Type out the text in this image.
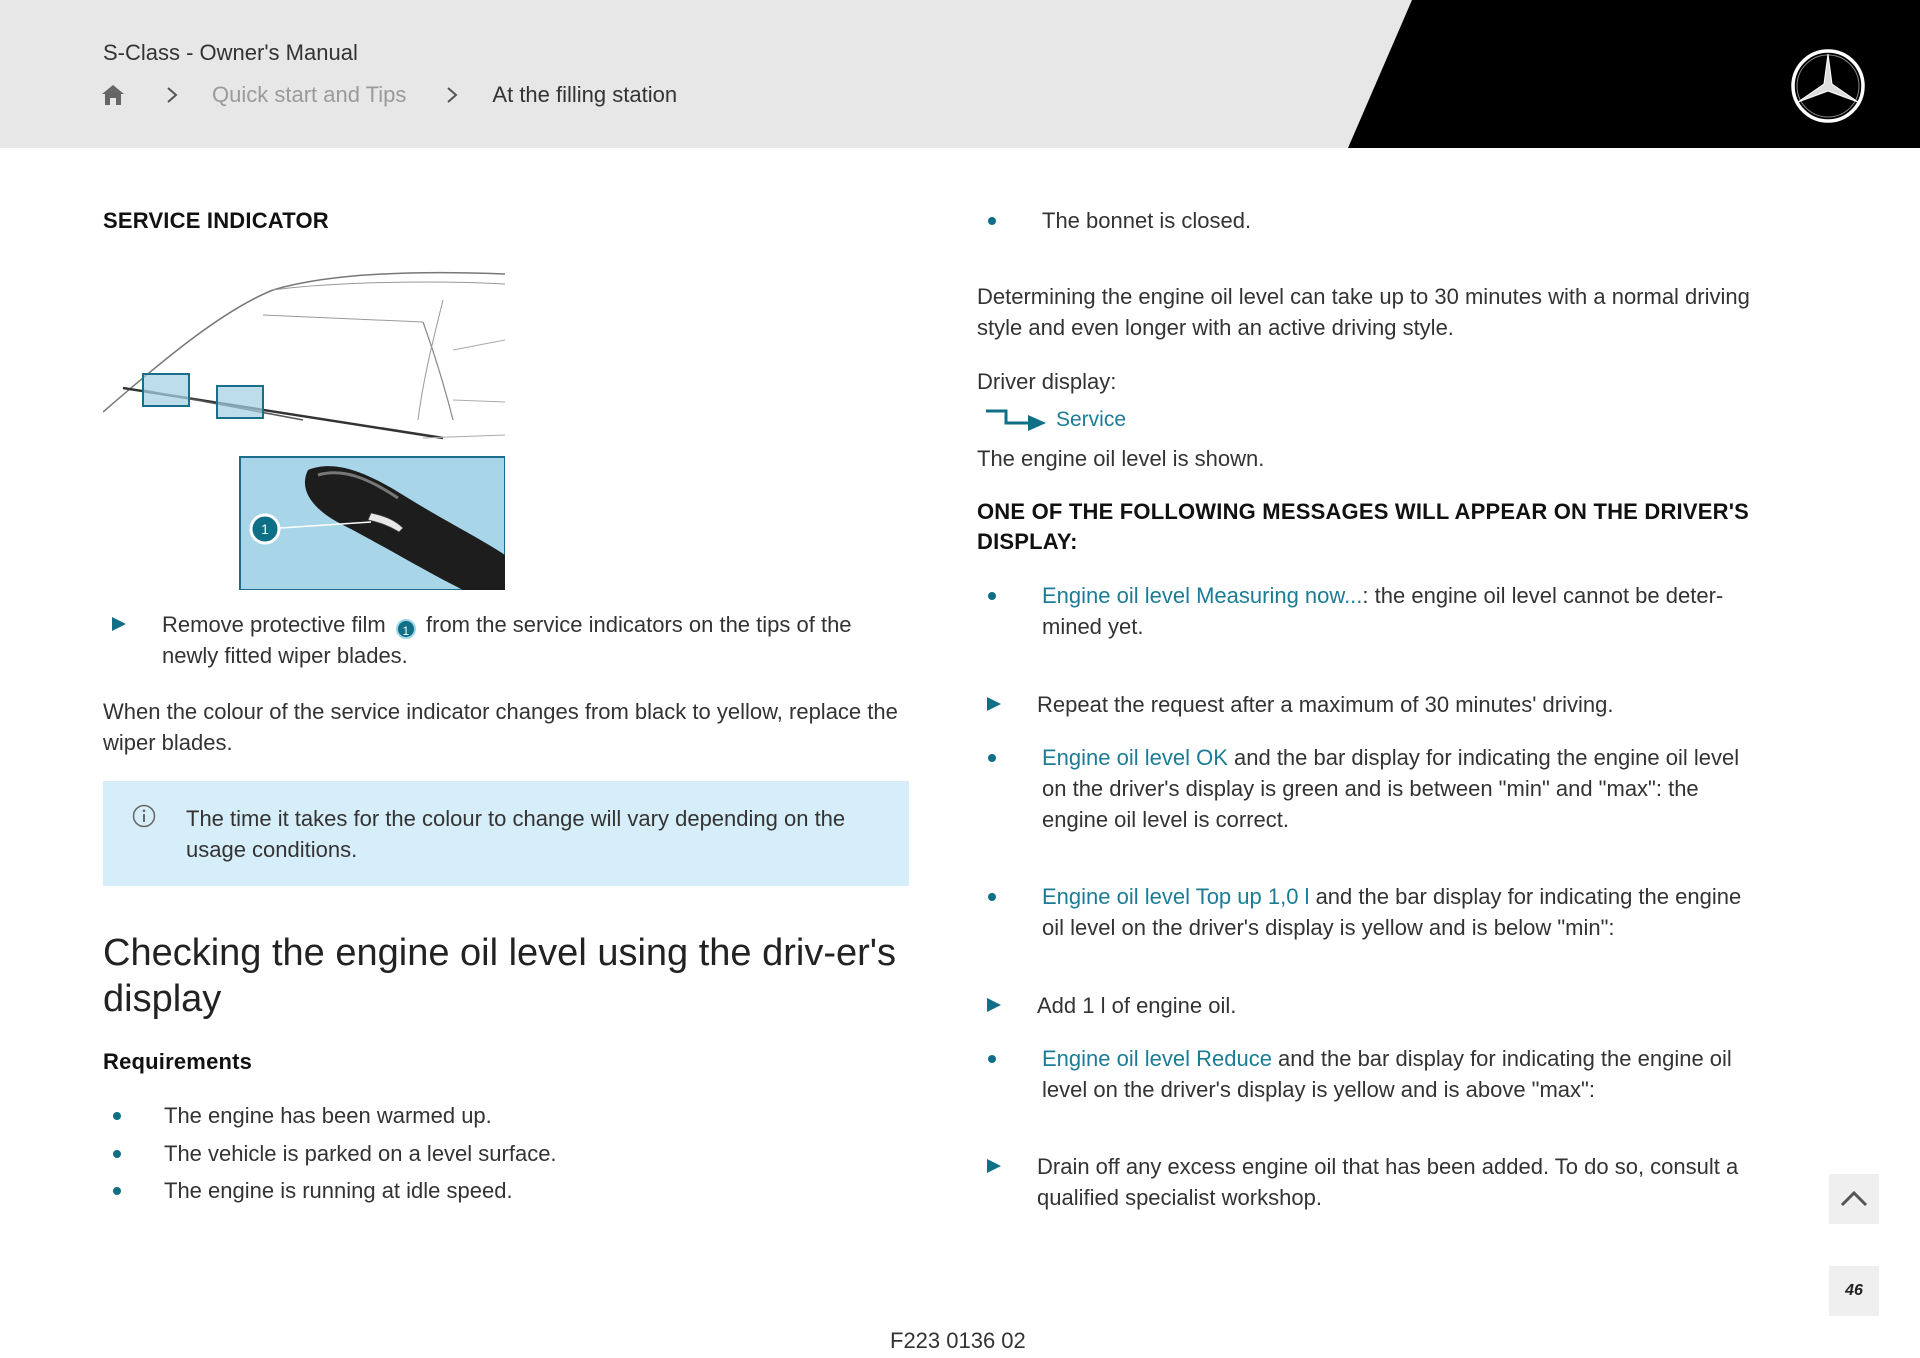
S-Class - Owner's Manual
Quick start and Tips	At the filling station
SERVICE INDICATOR
1

Remove protective film 1 from the service indicators on the tips of the newly fitted wiper blades.

When the colour of the service indicator changes from black to yellow, replace the wiper blades.

The time it takes for the colour to change will vary depending on the usage conditions.
Checking the engine oil level using the driv-er's display
Requirements
The engine has been warmed up.
The vehicle is parked on a level surface.
The engine is running at idle speed.
The bonnet is closed.

Determining the engine oil level can take up to 30 minutes with a normal driving style and even longer with an active driving style.

Driver display:

Service

The engine oil level is shown.

ONE OF THE FOLLOWING MESSAGES WILL APPEAR ON THE DRIVER'S DISPLAY:

Engine oil level Measuring now...: the engine oil level cannot be deter-mined yet.

Repeat the request after a maximum of 30 minutes' driving.

Engine oil level OK and the bar display for indicating the engine oil level on the driver's display is green and is between "min" and "max": the engine oil level is correct.

Engine oil level Top up 1,0 l and the bar display for indicating the engine oil level on the driver's display is yellow and is below "min":

Add 1 l of engine oil.

Engine oil level Reduce and the bar display for indicating the engine oil level on the driver's display is yellow and is above "max":

Drain off any excess engine oil that has been added. To do so, consult a qualified specialist workshop.

46
F223 0136 02
